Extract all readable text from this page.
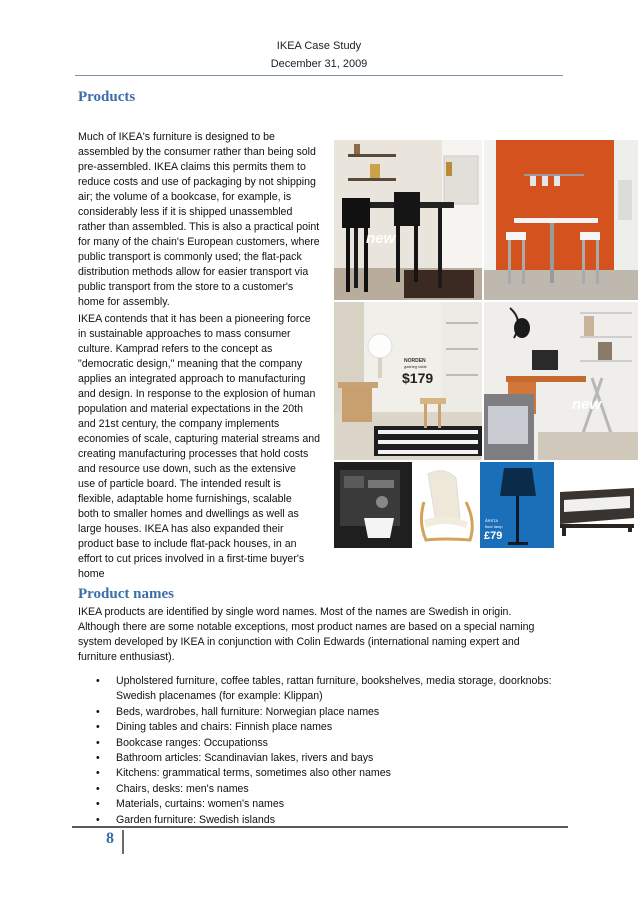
IKEA Case Study
December 31, 2009
Products
Much of IKEA's furniture is designed to be
assembled by the consumer rather than being sold
pre-assembled. IKEA claims this permits them to
reduce costs and use of packaging by not shipping
air; the volume of a bookcase, for example, is
considerably less if it is shipped unassembled
rather than assembled. This is also a practical point
for many of the chain's European customers, where
public transport is commonly used; the flat-pack
distribution methods allow for easier transport via
public transport from the store to a customer's
home for assembly.
IKEA contends that it has been a pioneering force
in sustainable approaches to mass consumer
culture. Kamprad refers to the concept as
"democratic design," meaning that the company
applies an integrated approach to manufacturing
and design. In response to the explosion of human
population and material expectations in the 20th
and 21st century, the company implements
economies of scale, capturing material streams and
creating manufacturing processes that hold costs
and resource use down, such as the extensive
use of particle board. The intended result is
flexible, adaptable home furnishings, scalable
both to smaller homes and dwellings as well as
large houses. IKEA has also expanded their
product base to include flat-pack houses, in an
effort to cut prices involved in a first-time buyer's
home
new
NORDEN
gateleg table
$179
new
ÅRSTA
floor lamp
£79
Product names
IKEA products are identified by single word names. Most of the names are Swedish in origin.
Although there are some notable exceptions, most product names are based on a special naming
system developed by IKEA in conjunction with Colin Edwards (international naming expert and
furniture enthusiast).
• Upholstered furniture, coffee tables, rattan furniture, bookshelves, media storage, doorknobs:
Swedish placenames (for example: Klippan)
• Beds, wardrobes, hall furniture: Norwegian place names
• Dining tables and chairs: Finnish place names
• Bookcase ranges: Occupationss
• Bathroom articles: Scandinavian lakes, rivers and bays
• Kitchens: grammatical terms, sometimes also other names
• Chairs, desks: men's names
• Materials, curtains: women's names
• Garden furniture: Swedish islands
8
